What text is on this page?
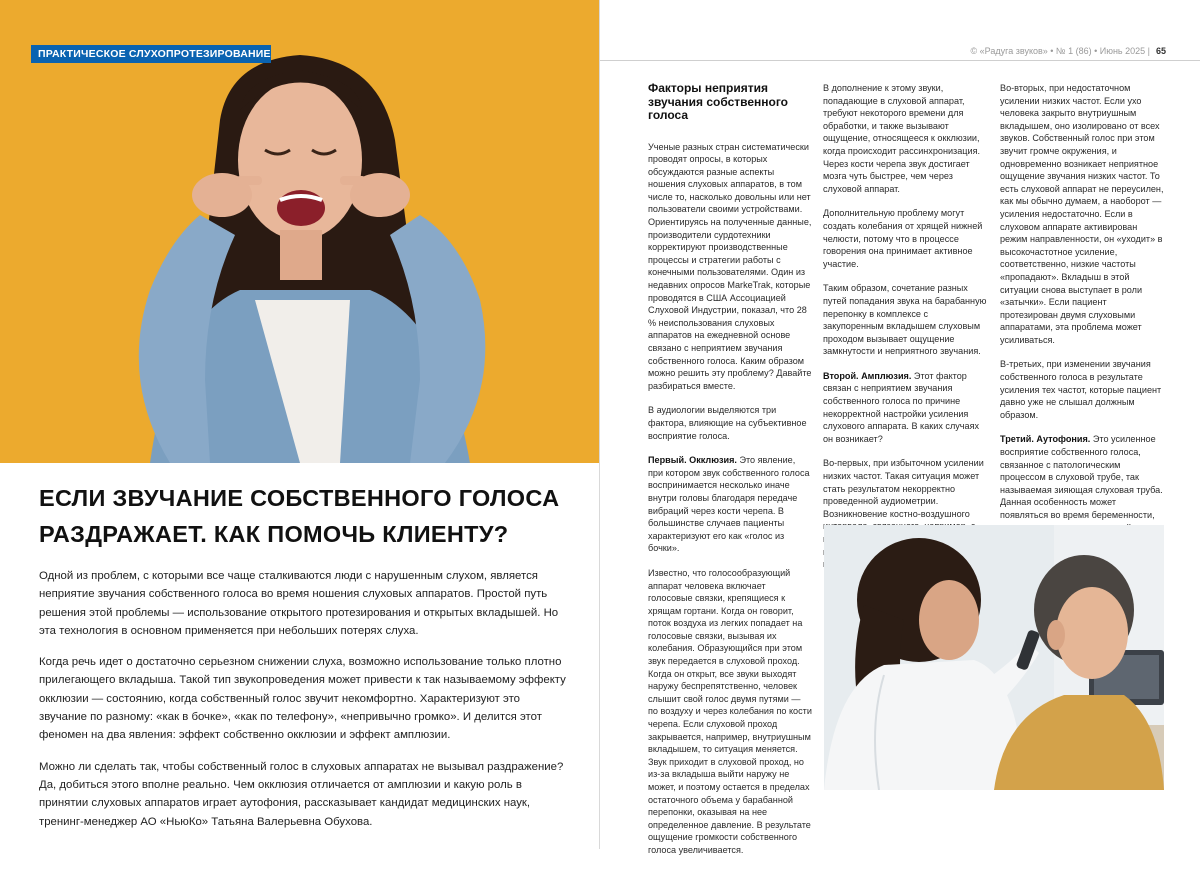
ПРАКТИЧЕСКОЕ СЛУХОПРОТЕЗИРОВАНИЕ
ЕСЛИ ЗВУЧАНИЕ СОБСТВЕННОГО ГОЛОСА
РАЗДРАЖАЕТ. КАК ПОМОЧЬ КЛИЕНТУ?

Одной из проблем, с которыми все чаще сталкиваются люди с нарушенным слухом, является неприятие звучания собственного голоса во время ношения слуховых аппаратов. Простой путь решения этой проблемы — использование открытого протезирования и открытых вкладышей. Но эта технология в основном применяется при небольших потерях слуха.

Когда речь идет о достаточно серьезном снижении слуха, возможно использование только плотно прилегающего вкладыша. Такой тип звукопроведения может привести к так называемому эффекту окклюзии — состоянию, когда собственный голос звучит некомфортно. Характеризуют это звучание по разному: «как в бочке», «как по телефону», «непривычно громко». И делится этот феномен на два явления: эффект собственно окклюзии и эффект амплюзии.

Можно ли сделать так, чтобы собственный голос в слуховых аппаратах не вызывал раздражение? Да, добиться этого вполне реально. Чем окклюзия отличается от амплюзии и какую роль в принятии слуховых аппаратов играет аутофония, рассказывает кандидат медицинских наук, тренинг-менеджер АО «НьюКо» Татьяна Валерьевна Обухова.

© «Радуга звуков» • № 1 (86) • Июнь 2025 | 65
Факторы неприятия звучания собственного голоса

Ученые разных стран систематически проводят опросы, в которых обсуждаются разные аспекты ношения слуховых аппаратов, в том числе то, насколько довольны или нет пользователи своими устройствами. Ориентируясь на полученные данные, производители сурдотехники корректируют производственные процессы и стратегии работы с конечными пользователями. Один из недавних опросов MarkeTrak, которые проводятся в США Ассоциацией Слуховой Индустрии, показал, что 28 % неиспользования слуховых аппаратов на ежедневной основе связано с неприятием звучания собственного голоса. Каким образом можно решить эту проблему? Давайте разбираться вместе.

В аудиологии выделяются три фактора, влияющие на субъективное восприятие голоса.

Первый. Окклюзия. Это явление, при котором звук собственного голоса воспринимается несколько иначе внутри головы благодаря передаче вибраций через кости черепа. В большинстве случаев пациенты характеризуют его как «голос из бочки».

Известно, что голосообразующий аппарат человека включает голосовые связки, крепящиеся к хрящам гортани. Когда он говорит, поток воздуха из легких попадает на голосовые связки, вызывая их колебания. Образующийся при этом звук передается в слуховой проход. Когда он открыт, все звуки выходят наружу беспрепятственно, человек слышит свой голос двумя путями — по воздуху и через колебания по кости черепа. Если слуховой проход закрывается, например, внутриушным вкладышем, то ситуация меняется. Звук приходит в слуховой проход, но из-за вкладыша выйти наружу не может, и поэтому остается в пределах остаточного объема у барабанной перепонки, оказывая на нее определенное давление. В результате ощущение громкости собственного голоса увеличивается.

В дополнение к этому звуки, попадающие в слуховой аппарат, требуют некоторого времени для обработки, и также вызывают ощущение, относящееся к окклюзии, когда происходит рассинхронизация. Через кости черепа звук достигает мозга чуть быстрее, чем через слуховой аппарат.

Дополнительную проблему могут создать колебания от хрящей нижней челюсти, потому что в процессе говорения она принимает активное участие.

Таким образом, сочетание разных путей попадания звука на барабанную перепонку в комплексе с закупоренным вкладышем слуховым проходом вызывает ощущение замкнутости и неприятного звучания.

Второй. Амплюзия. Этот фактор связан с неприятием звучания собственного голоса по причине некорректной настройки усиления слухового аппарата. В каких случаях он возникает?

Во-первых, при избыточном усилении низких частот. Такая ситуация может стать результатом некорректно проведенной аудиометрии. Возникновение костно-воздушного

Во-вторых, при недостаточном усилении низких частот. Если ухо человека закрыто внутриушным вкладышем, оно изолировано от всех звуков. Собственный голос при этом звучит громче окружения, и одновременно возникает неприятное ощущение звучания низких частот. То есть слуховой аппарат не переусилен, как мы обычно думаем, а наоборот — усиления недостаточно. Если в слуховом аппарате активирован режим направленности, он «уходит» в высокочастотное усиление, соответственно, низкие частоты «пропадают». Вкладыш в этой ситуации снова выступает в роли «затычки». Если пациент протезирован двумя слуховыми аппаратами, эта проблема может усиливаться.

В-третьих, при изменении звучания собственного голоса в результате усиления тех частот, которые пациент давно уже не слышал должным образом.

Третий. Аутофония. Это усиленное восприятие собственного голоса, связанное с патологическим процессом в слуховой трубе, так называемая зияющая слуховая труба. Данная особенность может появляться во время беременности,
